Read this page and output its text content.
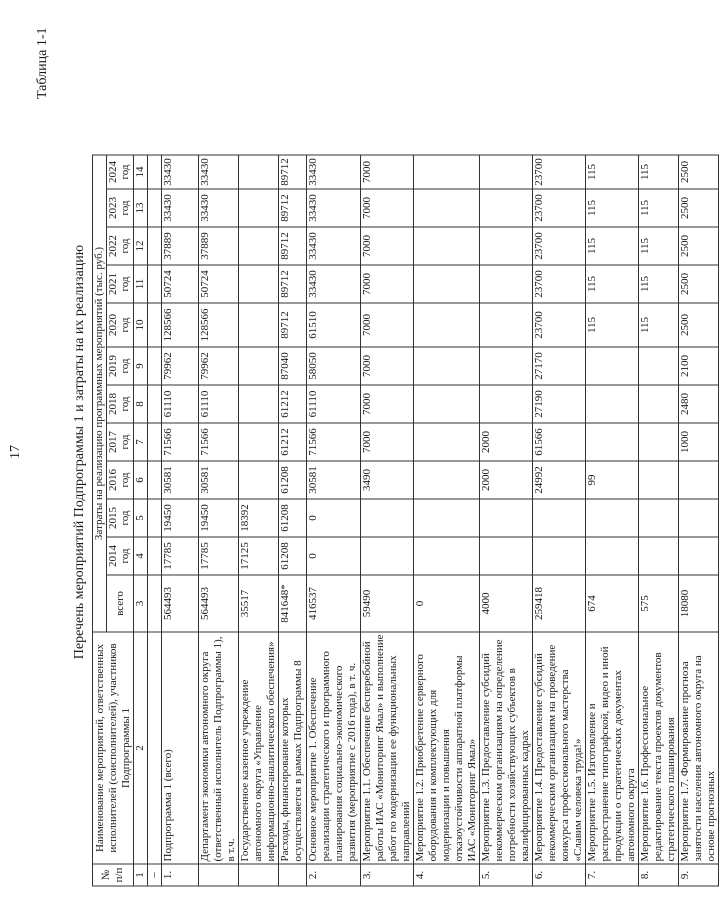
17
Таблица 1-1
Перечень мероприятий Подпрограммы 1 и затраты на их реализацию
№ п/п	Наименование мероприятий, ответственных исполнителей (соисполнителей), участников Подпрограммы 1	Затраты на реализацию программных мероприятий (тыс. руб.)											
		всего	2014 год	2015 год	2016 год	2017 год	2018 год	2019 год	2020 год	2021 год	2022 год	2023 год	2024 год
1	2	3	4	5	6	7	8	9	10	11	12	13	14
–													
1.	Подпрограмма 1 (всего)	564493	17785	19450	30581	71566	61110	79962	128566	50724	37889	33430	33430
	Департамент экономики автономного округа (ответственный исполнитель Подпрограммы 1), в т.ч.	564493	17785	19450	30581	71566	61110	79962	128566	50724	37889	33430	33430
	Государственное казенное учреждение автономного округа «Управление информационно-аналитического обеспечения»	35517	17125	18392									
	Расходы, финансирование которых осуществляется в рамках Подпрограммы 8	841648*	61208	61208	61208	61212	61212	87040	89712	89712	89712	89712	89712
2.	Основное мероприятие 1. Обеспечение реализации стратегического и программного планирования социально-экономического развития (мероприятие с 2016 года), в т. ч.	416537	0	0	30581	71566	61110	58050	61510	33430	33430	33430	33430
3.	Мероприятие 1.1. Обеспечение бесперебойной работы ИАС «Мониторинг Ямал» и выполнение работ по модернизации ее функциональных направлений	59490			3490	7000	7000	7000	7000	7000	7000	7000	7000
4.	Мероприятие 1.2. Приобретение серверного оборудования и комплектующих для модернизации и повышения отказоустойчивости аппаратной платформы ИАС «Мониторинг Ямал»	0											
5.	Мероприятие 1.3. Предоставление субсидий некоммерческим организациям на определение потребности хозяйствующих субъектов в квалифицированных кадрах	4000			2000	2000							
6.	Мероприятие 1.4. Предоставление субсидий некоммерческим организациям на проведение конкурса профессионального мастерства «Славим человека труда!»	259418			24992	61566	27190	27170	23700	23700	23700	23700	23700
7.	Мероприятие 1.5. Изготовление и распространение типографской, видео и иной продукции о стратегических документах автономного округа	674			99				115	115	115	115	115
8.	Мероприятие 1.6. Профессиональное редактирование текста проектов документов стратегического планирования	575							115	115	115	115	115
9.	Мероприятие 1.7. Формирование прогноза занятости населения автономного округа на основе прогнозных	18080				1000	2480	2100	2500	2500	2500	2500	2500
